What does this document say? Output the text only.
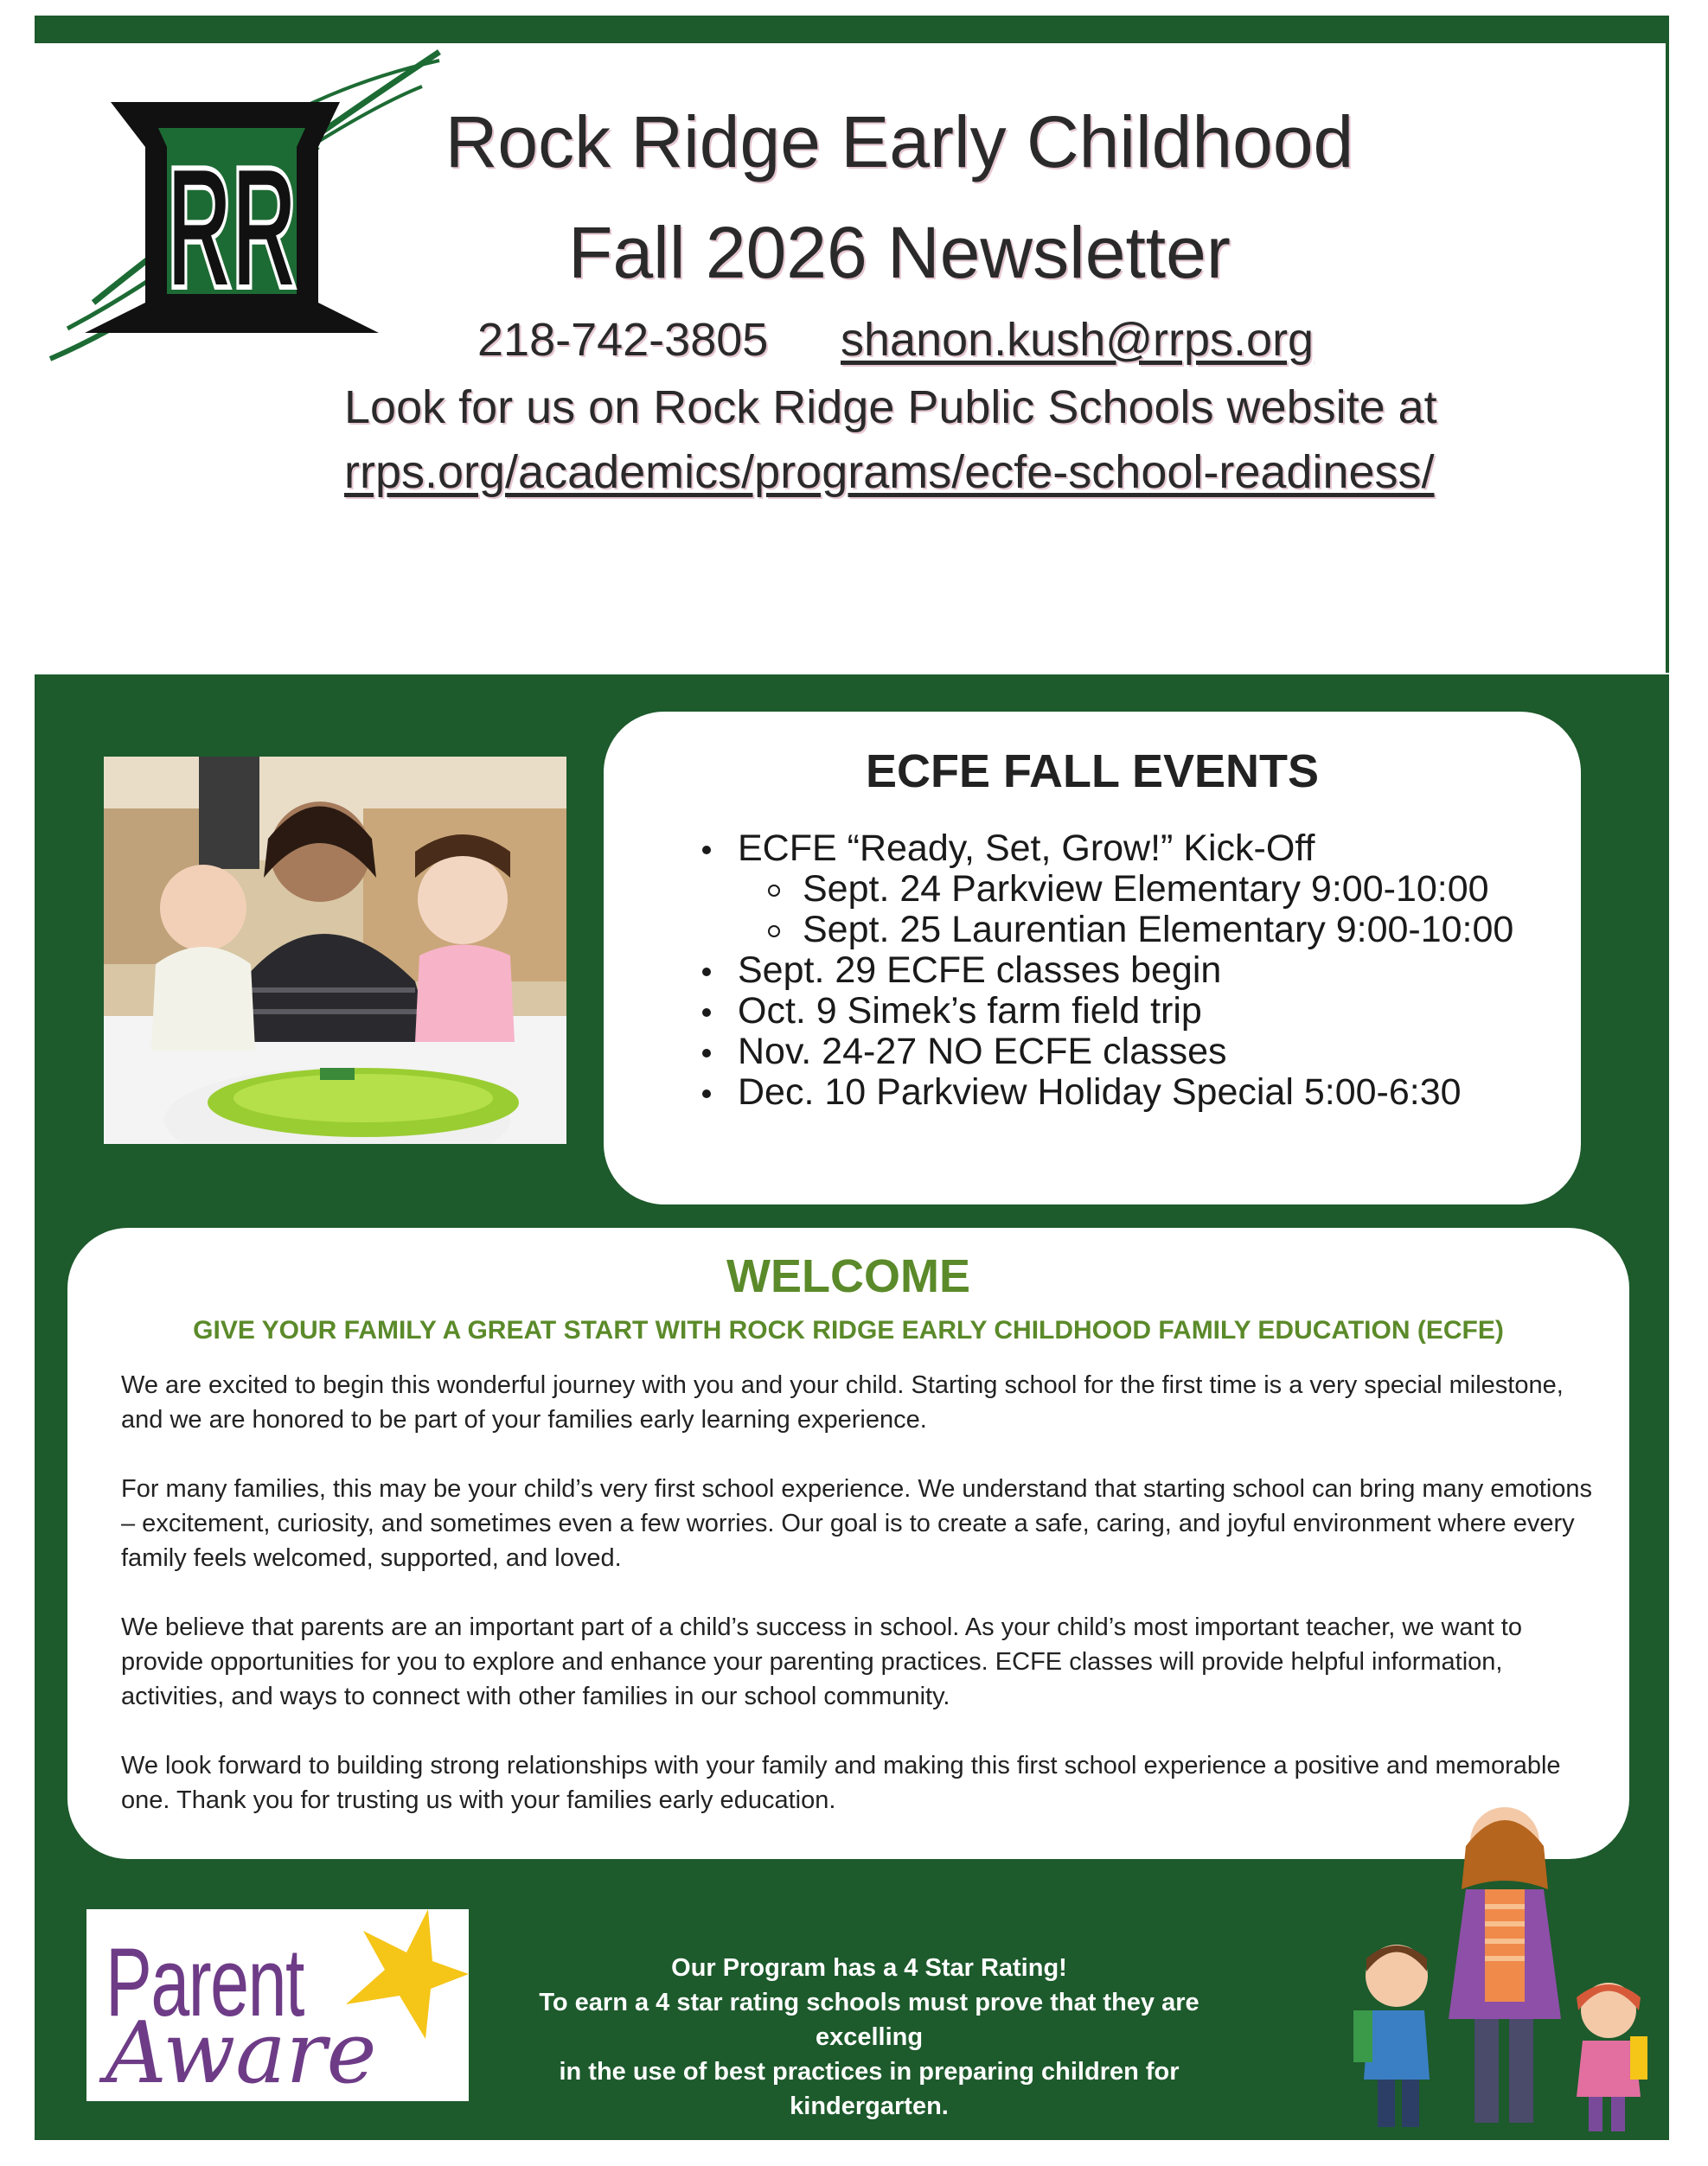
RR	Rock Ridge Early Childhood
Fall 2026 Newsletter
218-742-3805 shanon.kush@rrps.org
Look for us on Rock Ridge Public Schools website at
rrps.org/academics/programs/ecfe-school-readiness/
ECFE FALL EVENTS
ECFE “Ready, Set, Grow!” Kick-Off
Sept. 24 Parkview Elementary 9:00-10:00
Sept. 25 Laurentian Elementary 9:00-10:00
Sept. 29 ECFE classes begin
Oct. 9 Simek’s farm field trip
Nov. 24-27 NO ECFE classes
Dec. 10 Parkview Holiday Special 5:00-6:30
WELCOME
GIVE YOUR FAMILY A GREAT START WITH ROCK RIDGE EARLY CHILDHOOD FAMILY EDUCATION (ECFE)

We are excited to begin this wonderful journey with you and your child. Starting school for the first time is a very special milestone, and we are honored to be part of your families early learning experience.

For many families, this may be your child’s very first school experience. We understand that starting school can bring many emotions – excitement, curiosity, and sometimes even a few worries. Our goal is to create a safe, caring, and joyful environment where every family feels welcomed, supported, and loved.

We believe that parents are an important part of a child’s success in school. As your child’s most important teacher, we want to provide opportunities for you to explore and enhance your parenting practices. ECFE classes will provide helpful information, activities, and ways to connect with other families in our school community.

We look forward to building strong relationships with your family and making this first school experience a positive and memorable one. Thank you for trusting us with your families early education.

Parent
Aware
Our Program has a 4 Star Rating!
To earn a 4 star rating schools must prove that they are excelling
in the use of best practices in preparing children for kindergarten.
